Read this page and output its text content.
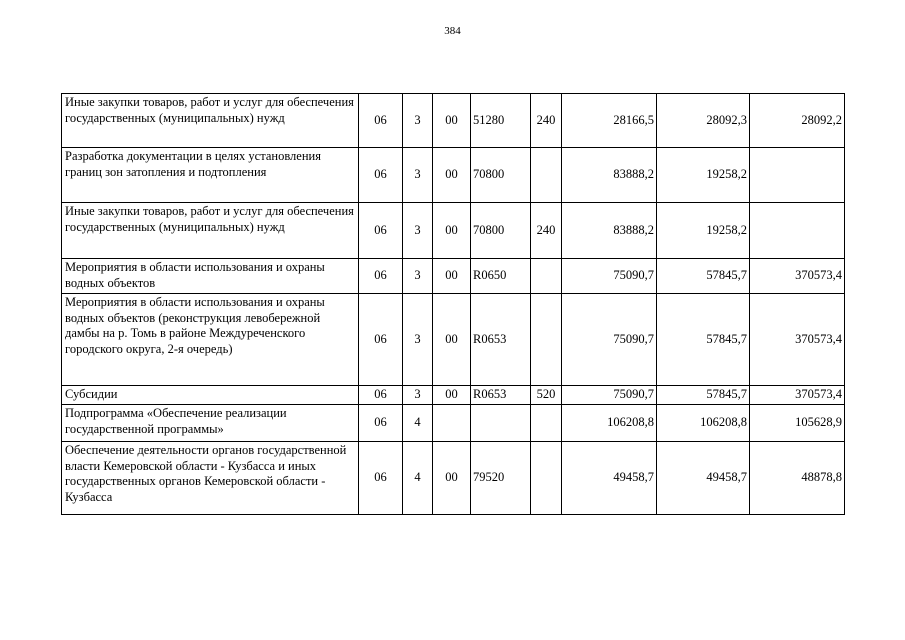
384
Иные закупки товаров, работ и услуг для обеспечения государственных (муниципальных) нужд	06	3	00	51280	240	28166,5	28092,3	28092,2
Разработка документации в целях установления границ зон затопления и подтопления	06	3	00	70800		83888,2	19258,2	
Иные закупки товаров, работ и услуг для обеспечения государственных (муниципальных) нужд	06	3	00	70800	240	83888,2	19258,2	
Мероприятия в области использования и охраны водных объектов	06	3	00	R0650		75090,7	57845,7	370573,4
Мероприятия в области использования и охраны водных объектов (реконструкция левобережной дамбы на р. Томь в районе Междуреченского городского округа, 2-я очередь)	06	3	00	R0653		75090,7	57845,7	370573,4
Субсидии	06	3	00	R0653	520	75090,7	57845,7	370573,4
Подпрограмма «Обеспечение реализации государственной программы»	06	4				106208,8	106208,8	105628,9
Обеспечение деятельности органов государственной власти Кемеровской области - Кузбасса и иных государственных органов Кемеровской области - Кузбасса	06	4	00	79520		49458,7	49458,7	48878,8
